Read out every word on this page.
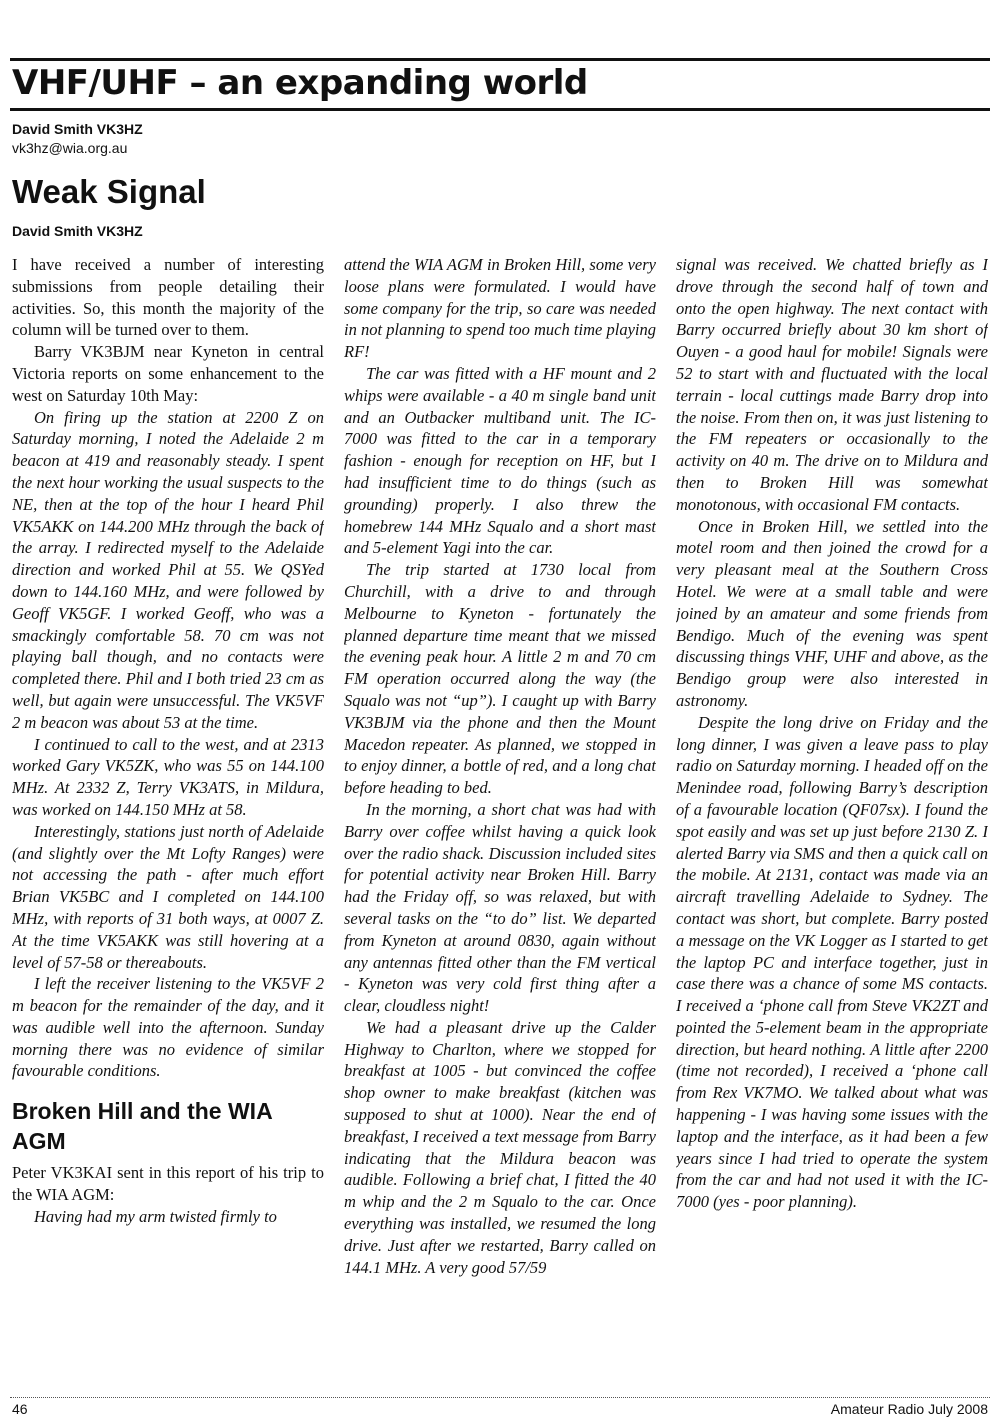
VHF/UHF – an expanding world
David Smith VK3HZ
vk3hz@wia.org.au
Weak Signal
David Smith VK3HZ

I have received a number of interesting submissions from people detailing their activities. So, this month the majority of the column will be turned over to them.

Barry VK3BJM near Kyneton in central Victoria reports on some enhancement to the west on Saturday 10th May:

On firing up the station at 2200 Z on Saturday morning, I noted the Adelaide 2 m beacon at 419 and reasonably steady. I spent the next hour working the usual suspects to the NE, then at the top of the hour I heard Phil VK5AKK on 144.200 MHz through the back of the array. I redirected myself to the Adelaide direction and worked Phil at 55. We QSYed down to 144.160 MHz, and were followed by Geoff VK5GF. I worked Geoff, who was a smackingly comfortable 58. 70 cm was not playing ball though, and no contacts were completed there. Phil and I both tried 23 cm as well, but again were unsuccessful. The VK5VF 2 m beacon was about 53 at the time.

I continued to call to the west, and at 2313 worked Gary VK5ZK, who was 55 on 144.100 MHz. At 2332 Z, Terry VK3ATS, in Mildura, was worked on 144.150 MHz at 58.

Interestingly, stations just north of Adelaide (and slightly over the Mt Lofty Ranges) were not accessing the path - after much effort Brian VK5BC and I completed on 144.100 MHz, with reports of 31 both ways, at 0007 Z. At the time VK5AKK was still hovering at a level of 57-58 or thereabouts.

I left the receiver listening to the VK5VF 2 m beacon for the remainder of the day, and it was audible well into the afternoon. Sunday morning there was no evidence of similar favourable conditions.

Broken Hill and the WIA AGM

Peter VK3KAI sent in this report of his trip to the WIA AGM:

Having had my arm twisted firmly to

attend the WIA AGM in Broken Hill, some very loose plans were formulated. I would have some company for the trip, so care was needed in not planning to spend too much time playing RF!

The car was fitted with a HF mount and 2 whips were available - a 40 m single band unit and an Outbacker multiband unit. The IC-7000 was fitted to the car in a temporary fashion - enough for reception on HF, but I had insufficient time to do things (such as grounding) properly. I also threw the homebrew 144 MHz Squalo and a short mast and 5-element Yagi into the car.

The trip started at 1730 local from Churchill, with a drive to and through Melbourne to Kyneton - fortunately the planned departure time meant that we missed the evening peak hour. A little 2 m and 70 cm FM operation occurred along the way (the Squalo was not “up”). I caught up with Barry VK3BJM via the phone and then the Mount Macedon repeater. As planned, we stopped in to enjoy dinner, a bottle of red, and a long chat before heading to bed.

In the morning, a short chat was had with Barry over coffee whilst having a quick look over the radio shack. Discussion included sites for potential activity near Broken Hill. Barry had the Friday off, so was relaxed, but with several tasks on the “to do” list. We departed from Kyneton at around 0830, again without any antennas fitted other than the FM vertical - Kyneton was very cold first thing after a clear, cloudless night!

We had a pleasant drive up the Calder Highway to Charlton, where we stopped for breakfast at 1005 - but convinced the coffee shop owner to make breakfast (kitchen was supposed to shut at 1000). Near the end of breakfast, I received a text message from Barry indicating that the Mildura beacon was audible. Following a brief chat, I fitted the 40 m whip and the 2 m Squalo to the car. Once everything was installed, we resumed the long drive. Just after we restarted, Barry called on 144.1 MHz. A very good 57/59

signal was received. We chatted briefly as I drove through the second half of town and onto the open highway. The next contact with Barry occurred briefly about 30 km short of Ouyen - a good haul for mobile! Signals were 52 to start with and fluctuated with the local terrain - local cuttings made Barry drop into the noise. From then on, it was just listening to the FM repeaters or occasionally to the activity on 40 m. The drive on to Mildura and then to Broken Hill was somewhat monotonous, with occasional FM contacts.

Once in Broken Hill, we settled into the motel room and then joined the crowd for a very pleasant meal at the Southern Cross Hotel. We were at a small table and were joined by an amateur and some friends from Bendigo. Much of the evening was spent discussing things VHF, UHF and above, as the Bendigo group were also interested in astronomy.

Despite the long drive on Friday and the long dinner, I was given a leave pass to play radio on Saturday morning. I headed off on the Menindee road, following Barry’s description of a favourable location (QF07sx). I found the spot easily and was set up just before 2130 Z. I alerted Barry via SMS and then a quick call on the mobile. At 2131, contact was made via an aircraft travelling Adelaide to Sydney. The contact was short, but complete. Barry posted a message on the VK Logger as I started to get the laptop PC and interface together, just in case there was a chance of some MS contacts. I received a ‘phone call from Steve VK2ZT and pointed the 5-element beam in the appropriate direction, but heard nothing. A little after 2200 (time not recorded), I received a ‘phone call from Rex VK7MO. We talked about what was happening - I was having some issues with the laptop and the interface, as it had been a few years since I had tried to operate the system from the car and had not used it with the IC-7000 (yes - poor planning).

46	Amateur Radio July 2008
